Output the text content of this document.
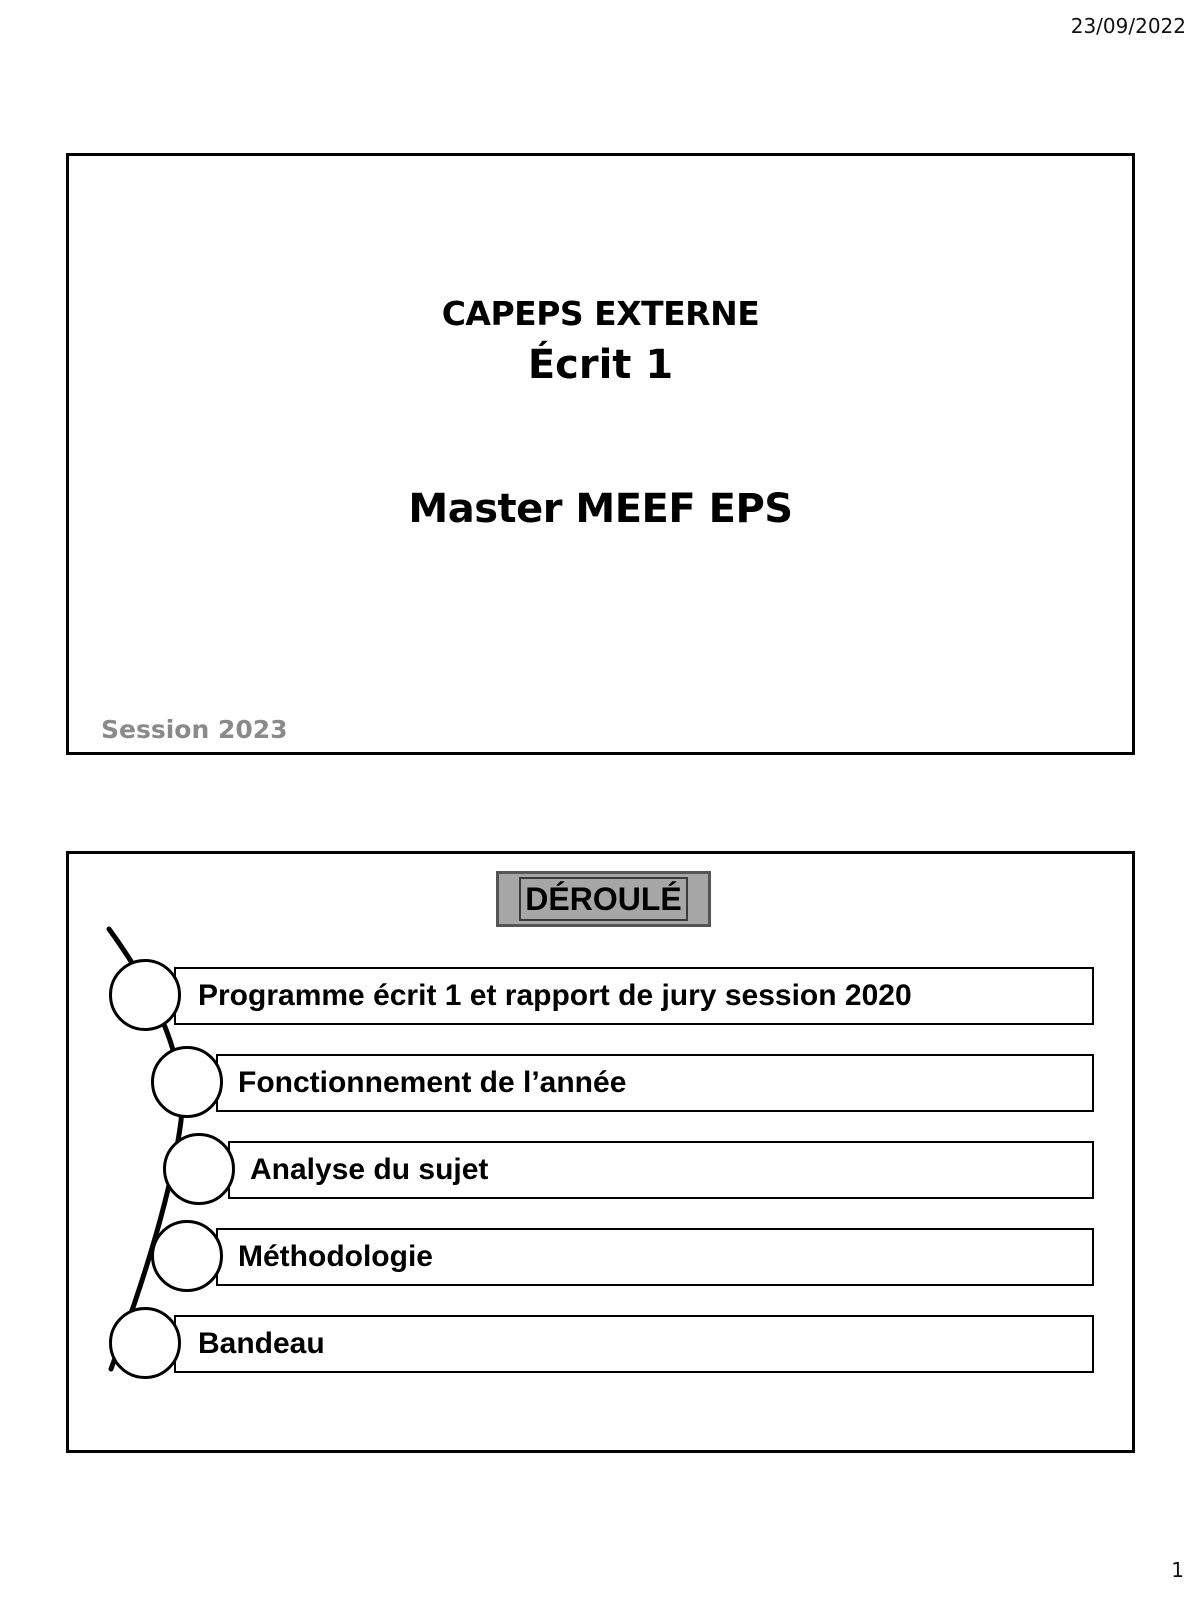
23/09/2022
CAPEPS EXTERNE
Écrit 1
Master MEEF EPS
Session 2023
DÉROULÉ
Programme écrit 1 et rapport de jury session 2020
Fonctionnement de l’année
Analyse du sujet
Méthodologie
Bandeau
1
